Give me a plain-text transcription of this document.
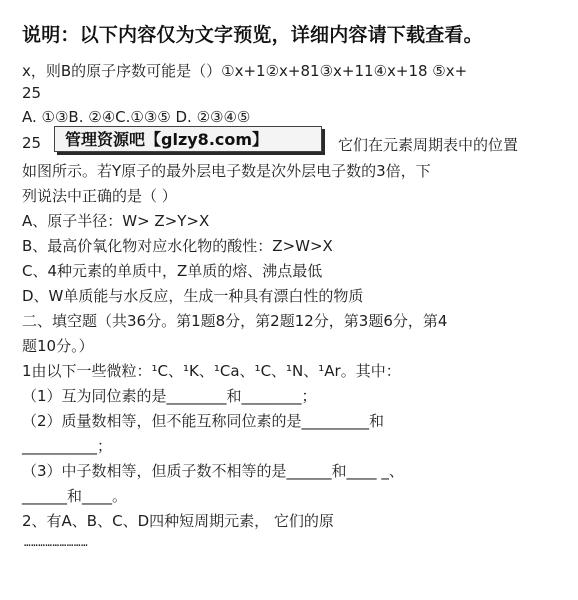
说明：以下内容仅为文字预览，详细内容请下载查看。
x，则B的原子序数可能是（）①x+1②x+81③x+11④x+18 ⑤x+
25
A. ①③B. ②④C.①③⑤ D. ②③④⑤
25	它们在元素周期表中的位置
管理资源吧【glzy8.com】
如图所示。若Y原子的最外层电子数是次外层电子数的3倍，下
列说法中正确的是（ ）
A、原子半径：W> Z>Y>X
B、最高价氧化物对应水化物的酸性：Z>W>X
C、4种元素的单质中，Z单质的熔、沸点最低
D、W单质能与水反应，生成一种具有漂白性的物质
二、填空题（共36分。第1题8分，第2题12分，第3题6分，第4
题10分。）
1由以下一些微粒：¹C、¹K、¹Ca、¹C、¹N、¹Ar。其中：
（1）互为同位素的是________和________；
（2）质量数相等，但不能互称同位素的是_________和
__________；
（3）中子数相等，但质子数不相等的是______和____ _、
______和____。
2、有A、B、C、D四种短周期元素， 它们的原
………………………
